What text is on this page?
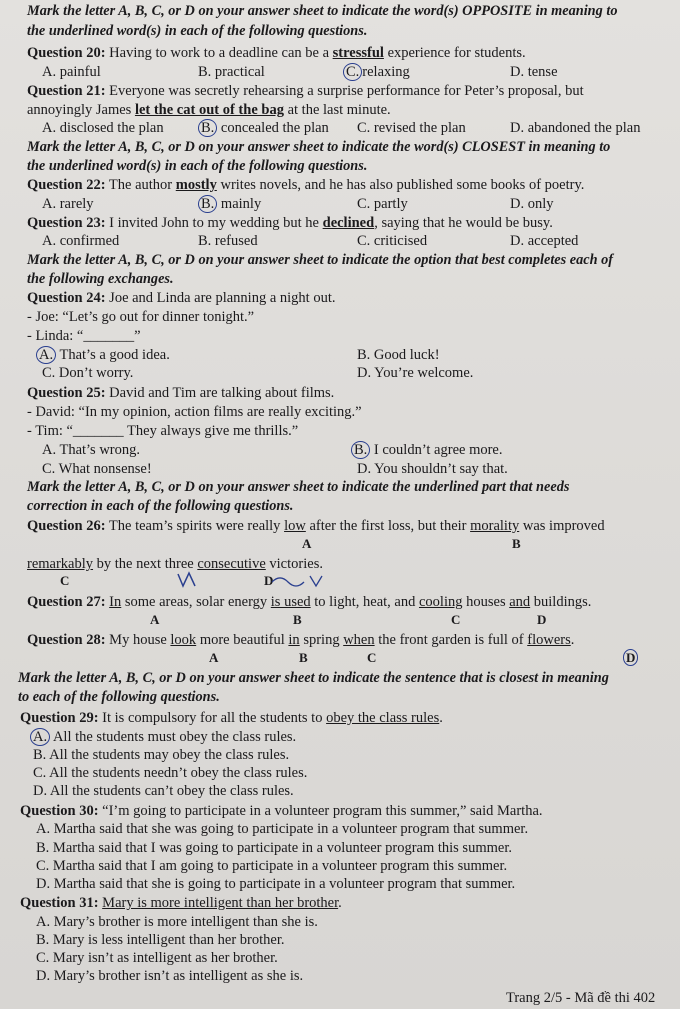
Mark the letter A, B, C, or D on your answer sheet to indicate the word(s) OPPOSITE in meaning to
the underlined word(s) in each of the following questions.
Question 20: Having to work to a deadline can be a stressful experience for students.
A. painful	B. practical	C. relaxing	D. tense
Question 21: Everyone was secretly rehearsing a surprise performance for Peter’s proposal, but
annoyingly James let the cat out of the bag at the last minute.
A. disclosed the plan	B. concealed the plan C. revised the plan	D. abandoned the plan
Mark the letter A, B, C, or D on your answer sheet to indicate the word(s) CLOSEST in meaning to
the underlined word(s) in each of the following questions.
Question 22: The author mostly writes novels, and he has also published some books of poetry.
A. rarely	B. mainly	C. partly	D. only
Question 23: I invited John to my wedding but he declined, saying that he would be busy.
A. confirmed	B. refused	C. criticised	D. accepted
Mark the letter A, B, C, or D on your answer sheet to indicate the option that best completes each of
the following exchanges.
Question 24: Joe and Linda are planning a night out.
- Joe: “Let’s go out for dinner tonight.”
- Linda: “_______”
A. That’s a good idea.	B. Good luck!
C. Don’t worry.	D. You’re welcome.
Question 25: David and Tim are talking about films.
- David: “In my opinion, action films are really exciting.”
- Tim: “_______ They always give me thrills.”
A. That’s wrong.	B. I couldn’t agree more.
C. What nonsense!	D. You shouldn’t say that.
Mark the letter A, B, C, or D on your answer sheet to indicate the underlined part that needs
correction in each of the following questions.
Question 26: The team’s spirits were really low after the first loss, but their morality was improved
A	B
remarkably by the next three consecutive victories.
C	D
Question 27: In some areas, solar energy is used to light, heat, and cooling houses and buildings.
A	B	C	D
Question 28: My house look more beautiful in spring when the front garden is full of flowers.
A	B	C	D
Mark the letter A, B, C, or D on your answer sheet to indicate the sentence that is closest in meaning
to each of the following questions.
Question 29: It is compulsory for all the students to obey the class rules.
A. All the students must obey the class rules.
B. All the students may obey the class rules.
C. All the students needn’t obey the class rules.
D. All the students can’t obey the class rules.
Question 30: “I’m going to participate in a volunteer program this summer,” said Martha.
A. Martha said that she was going to participate in a volunteer program that summer.
B. Martha said that I was going to participate in a volunteer program this summer.
C. Martha said that I am going to participate in a volunteer program this summer.
D. Martha said that she is going to participate in a volunteer program that summer.
Question 31: Mary is more intelligent than her brother.
A. Mary’s brother is more intelligent than she is.
B. Mary is less intelligent than her brother.
C. Mary isn’t as intelligent as her brother.
D. Mary’s brother isn’t as intelligent as she is.
Trang 2/5 - Mã đề thi 402
